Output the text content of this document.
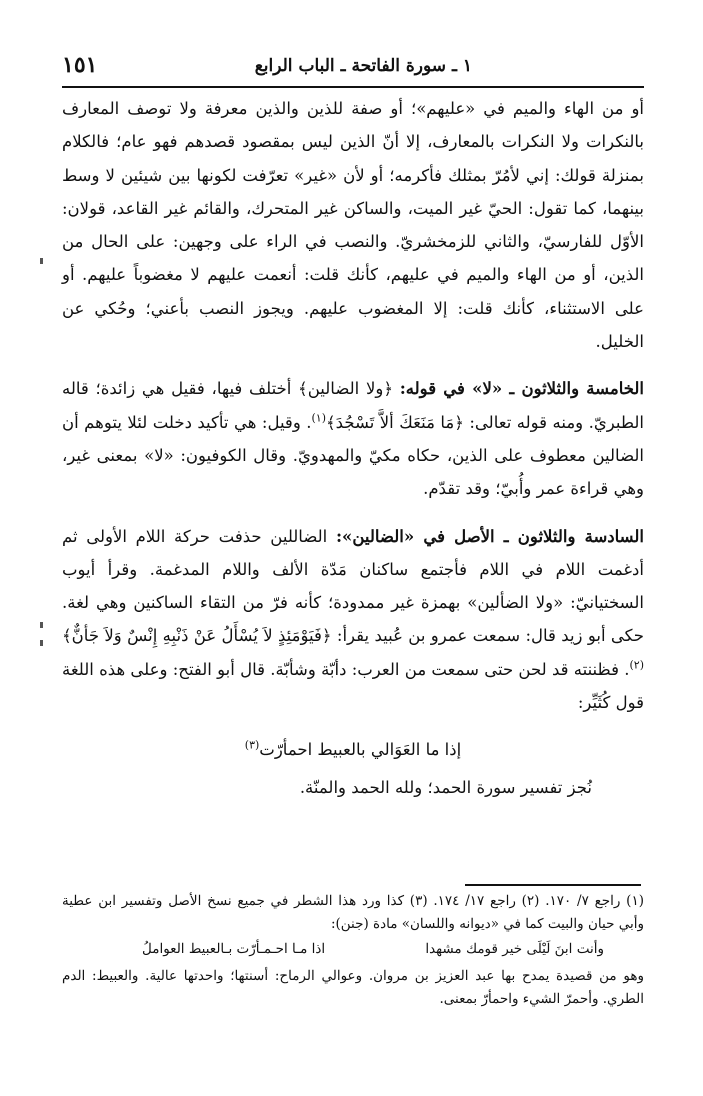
١ ـ سورة الفاتحة ـ الباب الرابع
١٥١

أو من الهاء والميم في «عليهم»؛ أو صفة للذين والذين معرفة ولا توصف المعارف بالنكرات ولا النكرات بالمعارف، إلا أنّ الذين ليس بمقصود قصدهم فهو عام؛ فالكلام بمنزلة قولك: إني لأمُرّ بمثلك فأكرمه؛ أو لأن «غير» تعرّفت لكونها بين شيئين لا وسط بينهما، كما تقول: الحيّ غير الميت، والساكن غير المتحرك، والقائم غير القاعد، قولان: الأوّل للفارسيّ، والثاني للزمخشريّ. والنصب في الراء على وجهين: على الحال من الذين، أو من الهاء والميم في عليهم، كأنك قلت: أنعمت عليهم لا مغضوباً عليهم. أو على الاستثناء، كأنك قلت: إلا المغضوب عليهم. ويجوز النصب بأعني؛ وحُكي عن الخليل.

الخامسة والثلاثون ـ «لا» في قوله: ﴿ولا الضالين﴾ أختلف فيها، فقيل هي زائدة؛ قاله الطبريّ. ومنه قوله تعالى: ﴿مَا مَنَعَكَ ألاَّ تَسْجُدَ﴾$^{(١)}$. وقيل: هي تأكيد دخلت لئلا يتوهم أن الضالين معطوف على الذين، حكاه مكيّ والمهدويّ. وقال الكوفيون: «لا» بمعنى غير، وهي قراءة عمر وأُبيّ؛ وقد تقدّم.

السادسة والثلاثون ـ الأصل في «الضالين»: الضاللين حذفت حركة اللام الأولى ثم أدغمت اللام في اللام فأجتمع ساكنان مَدّة الألف واللام المدغمة. وقرأ أيوب السختيانيّ: «ولا الضألين» بهمزة غير ممدودة؛ كأنه فرّ من التقاء الساكنين وهي لغة. حكى أبو زيد قال: سمعت عمرو بن عُبيد يقرأ: ﴿فَيَوْمَئِذٍ لاَ يُسْأَلُ عَنْ ذَنْبِهِ إِنْسٌ وَلاَ جَأنٌّ﴾$^{(٢)}$. فظننته قد لحن حتى سمعت من العرب: دأبّة وشأبّة. قال أبو الفتح: وعلى هذه اللغة قول كُثَيِّر:

إذا ما العَوَالي بالعبيط احمأرّت$^{(٣)}$

نُجز تفسير سورة الحمد؛ ولله الحمد والمنّة.

(١) راجع ٧/ ١٧٠. (٢) راجع ١٧/ ١٧٤. (٣) كذا ورد هذا الشطر في جميع نسخ الأصل وتفسير ابن عطية وأبي حيان والبيت كما في «ديوانه واللسان» مادة (جنن):

وأنت ابنَ لَيْلَى خير قومك مشهدا
اذا مـا احـمـأرّت بـالعبيط العواملُ

وهو من قصيدة يمدح بها عبد العزيز بن مروان. وعوالي الرماح: أسنتها؛ واحدتها عالية. والعبيط: الدم الطري. وأحمرّ الشيء واحمأرّ بمعنى.
